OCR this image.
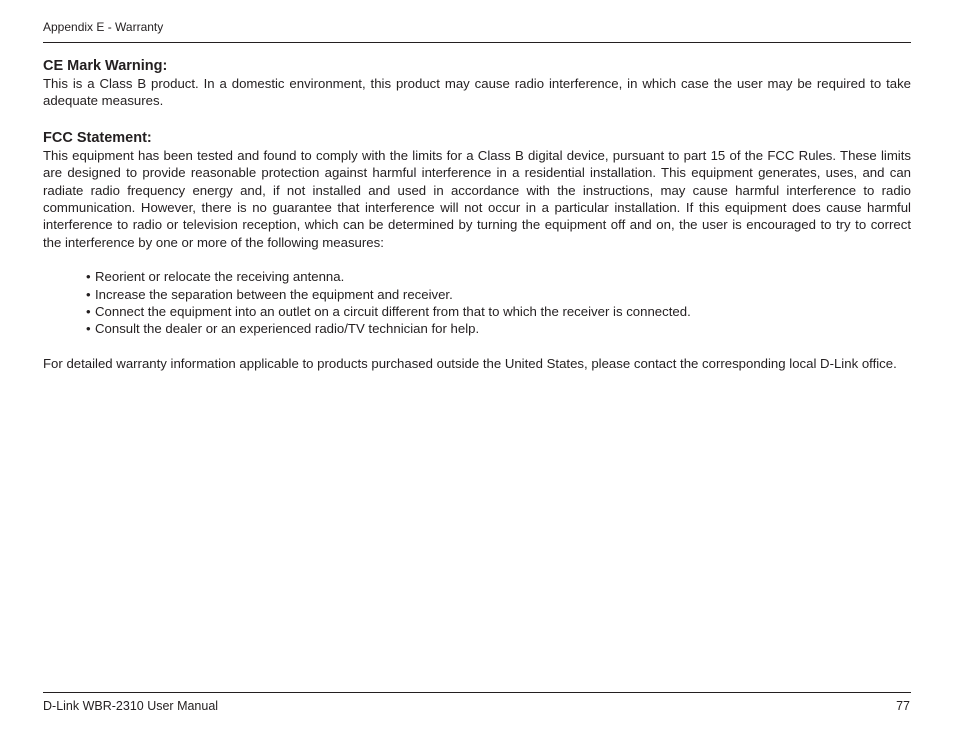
Appendix E - Warranty
CE Mark Warning:

This is a Class B product. In a domestic environment, this product may cause radio interference, in which case the user may be required to take adequate measures.

FCC Statement:

This equipment has been tested and found to comply with the limits for a Class B digital device, pursuant to part 15 of the FCC Rules. These limits are designed to provide reasonable protection against harmful interference in a residential installation. This equipment generates, uses, and can radiate radio frequency energy and, if not installed and used in accordance with the instructions, may cause harmful interference to radio communication. However, there is no guarantee that interference will not occur in a particular installation. If this equipment does cause harmful interference to radio or television reception, which can be determined by turning the equipment off and on, the user is encouraged to try to correct the interference by one or more of the following measures:

• Reorient or relocate the receiving antenna.
• Increase the separation between the equipment and receiver.
• Connect the equipment into an outlet on a circuit different from that to which the receiver is connected.
• Consult the dealer or an experienced radio/TV technician for help.

For detailed warranty information applicable to products purchased outside the United States, please contact the corresponding local D-Link office.

D-Link WBR-2310 User Manual	77
